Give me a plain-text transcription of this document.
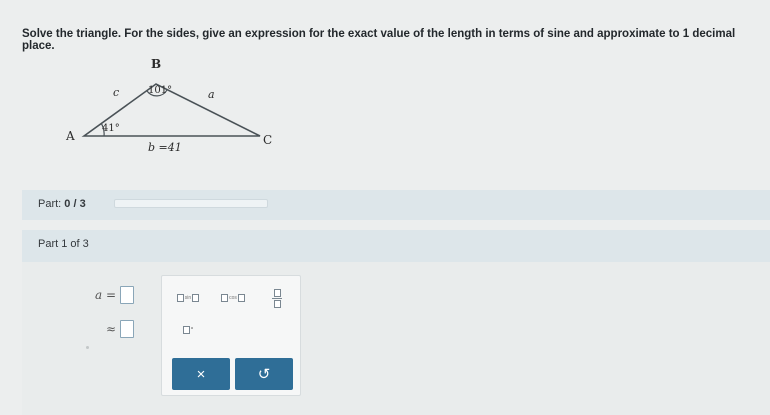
Solve the triangle. For the sides, give an expression for the exact value of the length in terms of sine and approximate to 1 decimal place.
A
B
C
c	a
101°
41°
b =41
Part: 0 / 3
Part 1 of 3
a =
≈
sin	cos
°
×	↺
